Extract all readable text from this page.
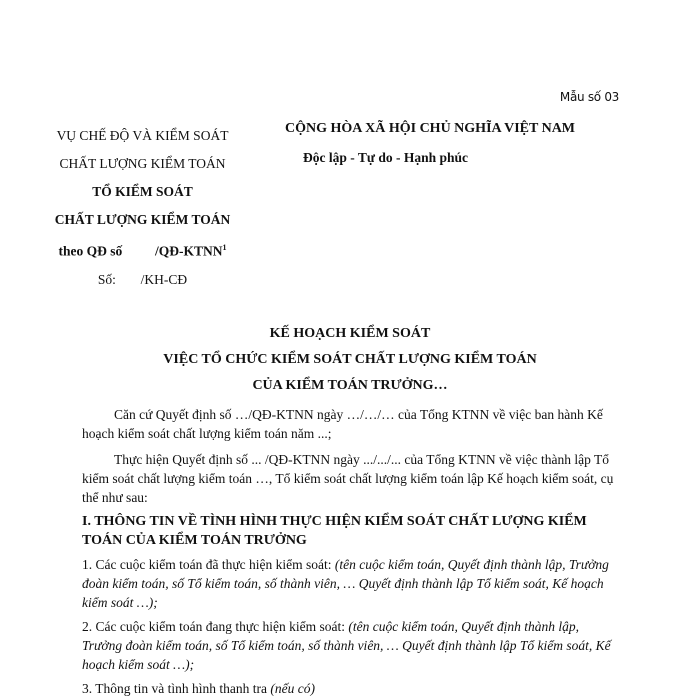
Mẫu số 03
VỤ CHẾ ĐỘ VÀ KIỂM SOÁT
CHẤT LƯỢNG KIỂM TOÁN
TỔ KIỂM SOÁT
CHẤT LƯỢNG KIỂM TOÁN
theo QĐ số /QĐ-KTNN$^1$
Số: /KH-CĐ
CỘNG HÒA XÃ HỘI CHỦ NGHĨA VIỆT NAM
Độc lập - Tự do - Hạnh phúc
KẾ HOẠCH KIỂM SOÁT
VIỆC TỔ CHỨC KIỂM SOÁT CHẤT LƯỢNG KIỂM TOÁN
CỦA KIỂM TOÁN TRƯỞNG…
Căn cứ Quyết định số …/QĐ-KTNN ngày …/…/… của Tổng KTNN về việc ban hành Kế hoạch kiểm soát chất lượng kiểm toán năm ...;
Thực hiện Quyết định số ... /QĐ-KTNN ngày .../.../... của Tổng KTNN về việc thành lập Tổ kiểm soát chất lượng kiểm toán …, Tổ kiểm soát chất lượng kiểm toán lập Kế hoạch kiểm soát, cụ thể như sau:
I. THÔNG TIN VỀ TÌNH HÌNH THỰC HIỆN KIỂM SOÁT CHẤT LƯỢNG KIỂM TOÁN CỦA KIỂM TOÁN TRƯỞNG
1. Các cuộc kiểm toán đã thực hiện kiểm soát: (tên cuộc kiểm toán, Quyết định thành lập, Trưởng đoàn kiểm toán, số Tổ kiểm toán, số thành viên, … Quyết định thành lập Tổ kiểm soát, Kế hoạch kiểm soát …);
2. Các cuộc kiểm toán đang thực hiện kiểm soát: (tên cuộc kiểm toán, Quyết định thành lập, Trưởng đoàn kiểm toán, số Tổ kiểm toán, số thành viên, … Quyết định thành lập Tổ kiểm soát, Kế hoạch kiểm soát …);
3. Thông tin và tình hình thanh tra (nếu có)
